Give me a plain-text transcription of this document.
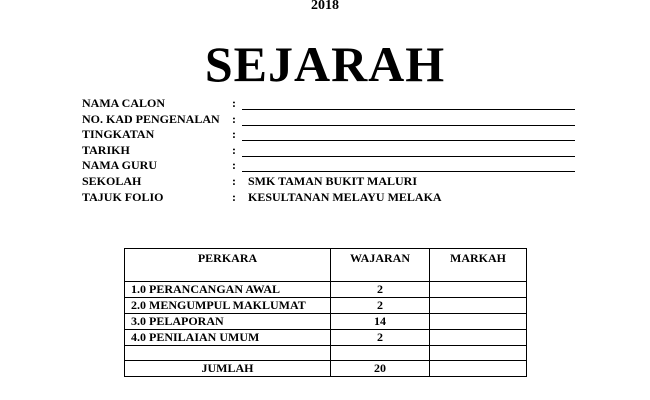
2018
SEJARAH
NAMA CALON	:
NO. KAD PENGENALAN :
TINGKATAN	:
TARIKH	:
NAMA GURU	:
SEKOLAH	: SMK TAMAN BUKIT MALURI
TAJUK FOLIO	: KESULTANAN MELAYU MELAKA
PERKARA	WAJARAN	MARKAH
1.0 PERANCANGAN AWAL	2	
2.0 MENGUMPUL MAKLUMAT	2	
3.0 PELAPORAN	14	
4.0 PENILAIAN UMUM	2	

JUMLAH	20	
